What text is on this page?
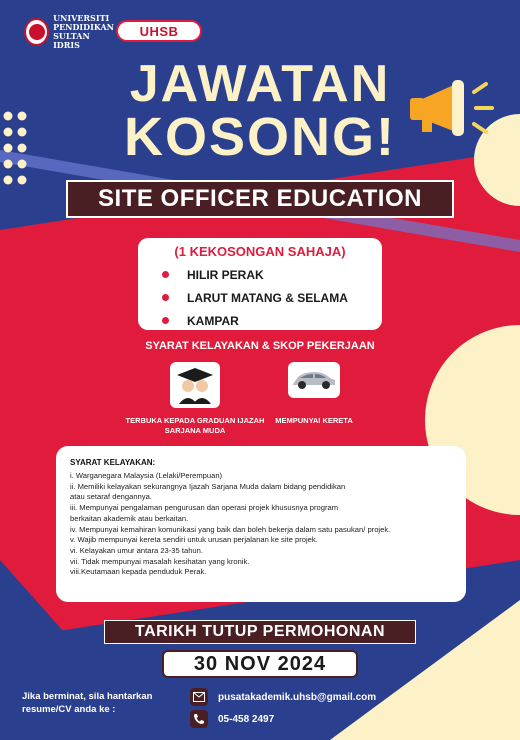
UNIVERSITI
PENDIDIKAN
SULTAN IDRIS
UHSB
JAWATAN
KOSONG!
SITE OFFICER EDUCATION
(1 KEKOSONGAN SAHAJA)
HILIR PERAK
LARUT MATANG & SELAMA
KAMPAR
SYARAT KELAYAKAN & SKOP PEKERJAAN
TERBUKA KEPADA GRADUAN IJAZAH SARJANA MUDA
MEMPUNYAI KERETA
SYARAT KELAYAKAN:
i. Warganegara Malaysia (Lelaki/Perempuan)
ii. Memiliki kelayakan sekurangnya Ijazah Sarjana Muda dalam bidang pendidikan
atau setaraf dengannya.
iii. Mempunyai pengalaman pengurusan dan operasi projek khususnya program
berkaitan akademik atau berkaitan.
iv. Mempunyai kemahiran komunikasi yang baik dan boleh bekerja dalam satu pasukan/ projek.
v. Wajib mempunyai kereta sendiri untuk urusan perjalanan ke site projek.
vi. Kelayakan umur antara 23-35 tahun.
vii. Tidak mempunyai masalah kesihatan yang kronik.
viii.Keutamaan kepada penduduk Perak.
TARIKH TUTUP PERMOHONAN
30 NOV 2024
Jika berminat, sila hantarkan resume/CV anda ke :
pusatakademik.uhsb@gmail.com
05-458 2497
